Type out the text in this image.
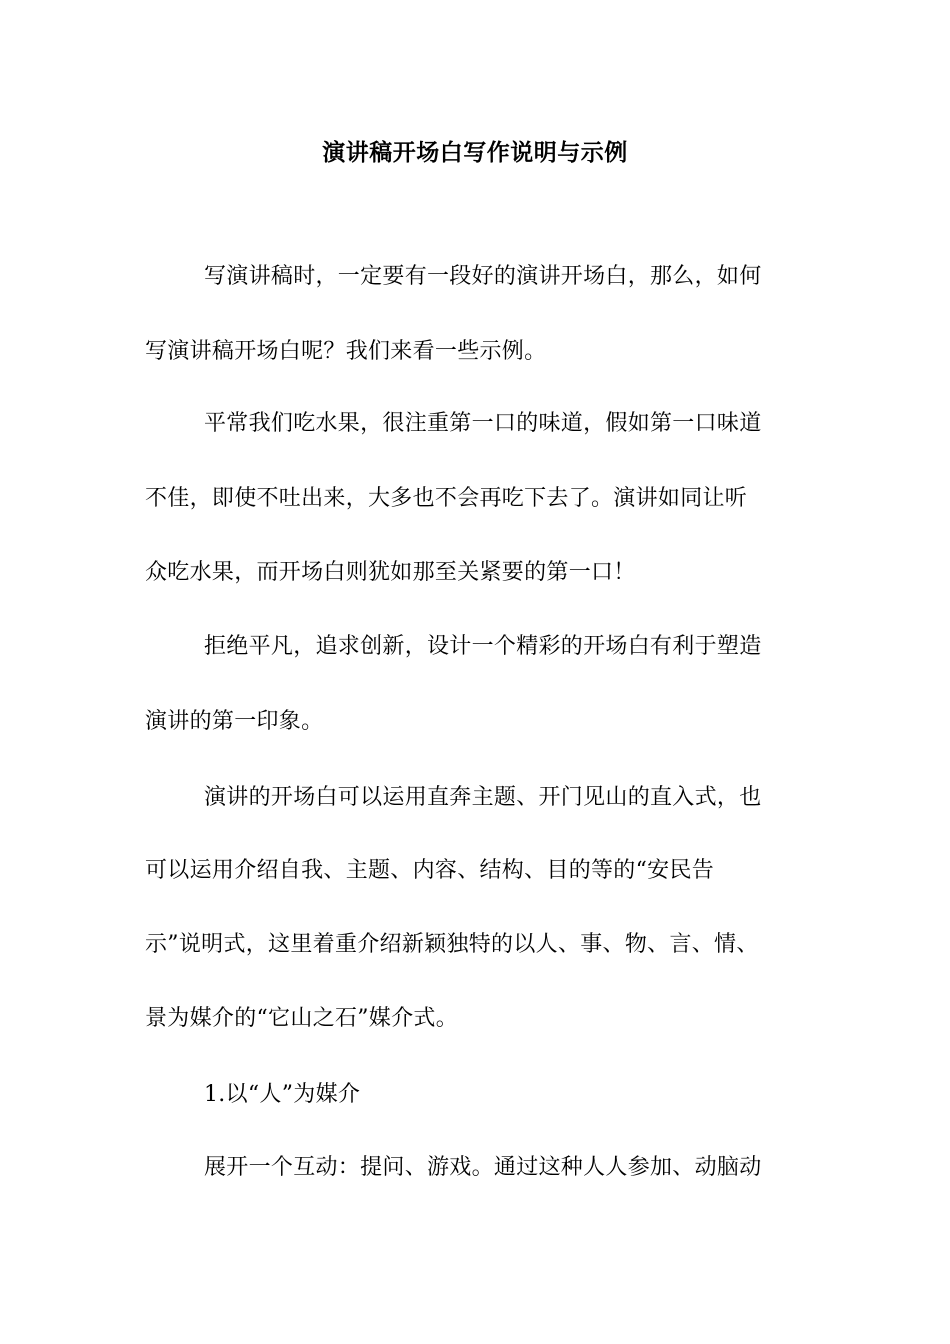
演讲稿开场白写作说明与示例
写演讲稿时，一定要有一段好的演讲开场白，那么，如何
写演讲稿开场白呢？我们来看一些示例。
平常我们吃水果，很注重第一口的味道，假如第一口味道
不佳，即使不吐出来，大多也不会再吃下去了。演讲如同让听
众吃水果，而开场白则犹如那至关紧要的第一口！
拒绝平凡，追求创新，设计一个精彩的开场白有利于塑造
演讲的第一印象。
演讲的开场白可以运用直奔主题、开门见山的直入式，也
可以运用介绍自我、主题、内容、结构、目的等的“安民告
示”说明式，这里着重介绍新颖独特的以人、事、物、言、情、
景为媒介的“它山之石”媒介式。
1.以“人”为媒介
展开一个互动：提问、游戏。通过这种人人参加、动脑动
